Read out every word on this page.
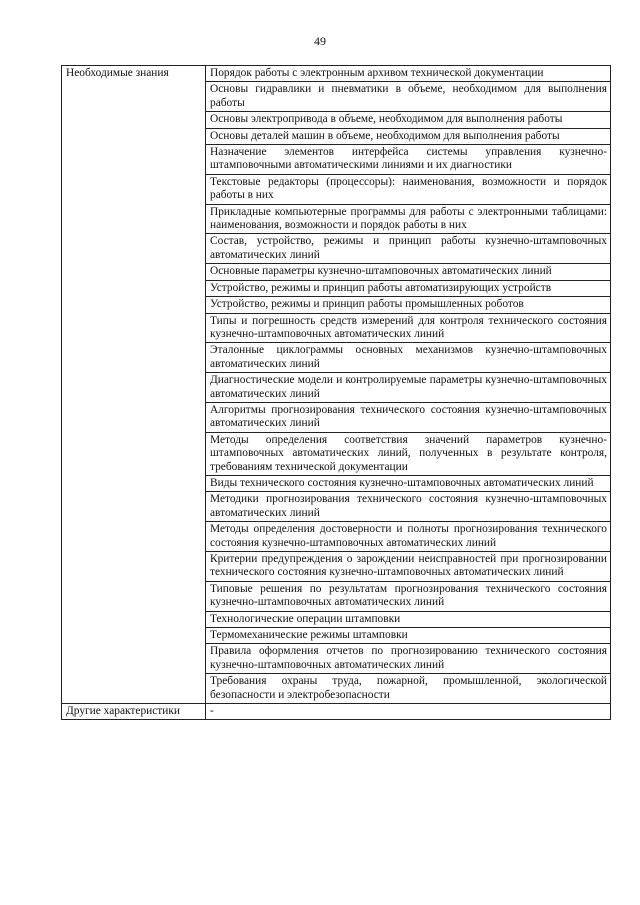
49
Необходимые знания	Порядок работы с электронным архивом технической документации
	Основы гидравлики и пневматики в объеме, необходимом для выполнения работы
	Основы электропривода в объеме, необходимом для выполнения работы
	Основы деталей машин в объеме, необходимом для выполнения работы
	Назначение элементов интерфейса системы управления кузнечно-штамповочными автоматическими линиями и их диагностики
	Текстовые редакторы (процессоры): наименования, возможности и порядок работы в них
	Прикладные компьютерные программы для работы с электронными таблицами: наименования, возможности и порядок работы в них
	Состав, устройство, режимы и принцип работы кузнечно-штамповочных автоматических линий
	Основные параметры кузнечно-штамповочных автоматических линий
	Устройство, режимы и принцип работы автоматизирующих устройств
	Устройство, режимы и принцип работы промышленных роботов
	Типы и погрешность средств измерений для контроля технического состояния кузнечно-штамповочных автоматических линий
	Эталонные циклограммы основных механизмов кузнечно-штамповочных автоматических линий
	Диагностические модели и контролируемые параметры кузнечно-штамповочных автоматических линий
	Алгоритмы прогнозирования технического состояния кузнечно-штамповочных автоматических линий
	Методы определения соответствия значений параметров кузнечно-штамповочных автоматических линий, полученных в результате контроля, требованиям технической документации
	Виды технического состояния кузнечно-штамповочных автоматических линий
	Методики прогнозирования технического состояния кузнечно-штамповочных автоматических линий
	Методы определения достоверности и полноты прогнозирования технического состояния кузнечно-штамповочных автоматических линий
	Критерии предупреждения о зарождении неисправностей при прогнозировании технического состояния кузнечно-штамповочных автоматических линий
	Типовые решения по результатам прогнозирования технического состояния кузнечно-штамповочных автоматических линий
	Технологические операции штамповки
	Термомеханические режимы штамповки
	Правила оформления отчетов по прогнозированию технического состояния кузнечно-штамповочных автоматических линий
	Требования охраны труда, пожарной, промышленной, экологической безопасности и электробезопасности
Другие характеристики	-
